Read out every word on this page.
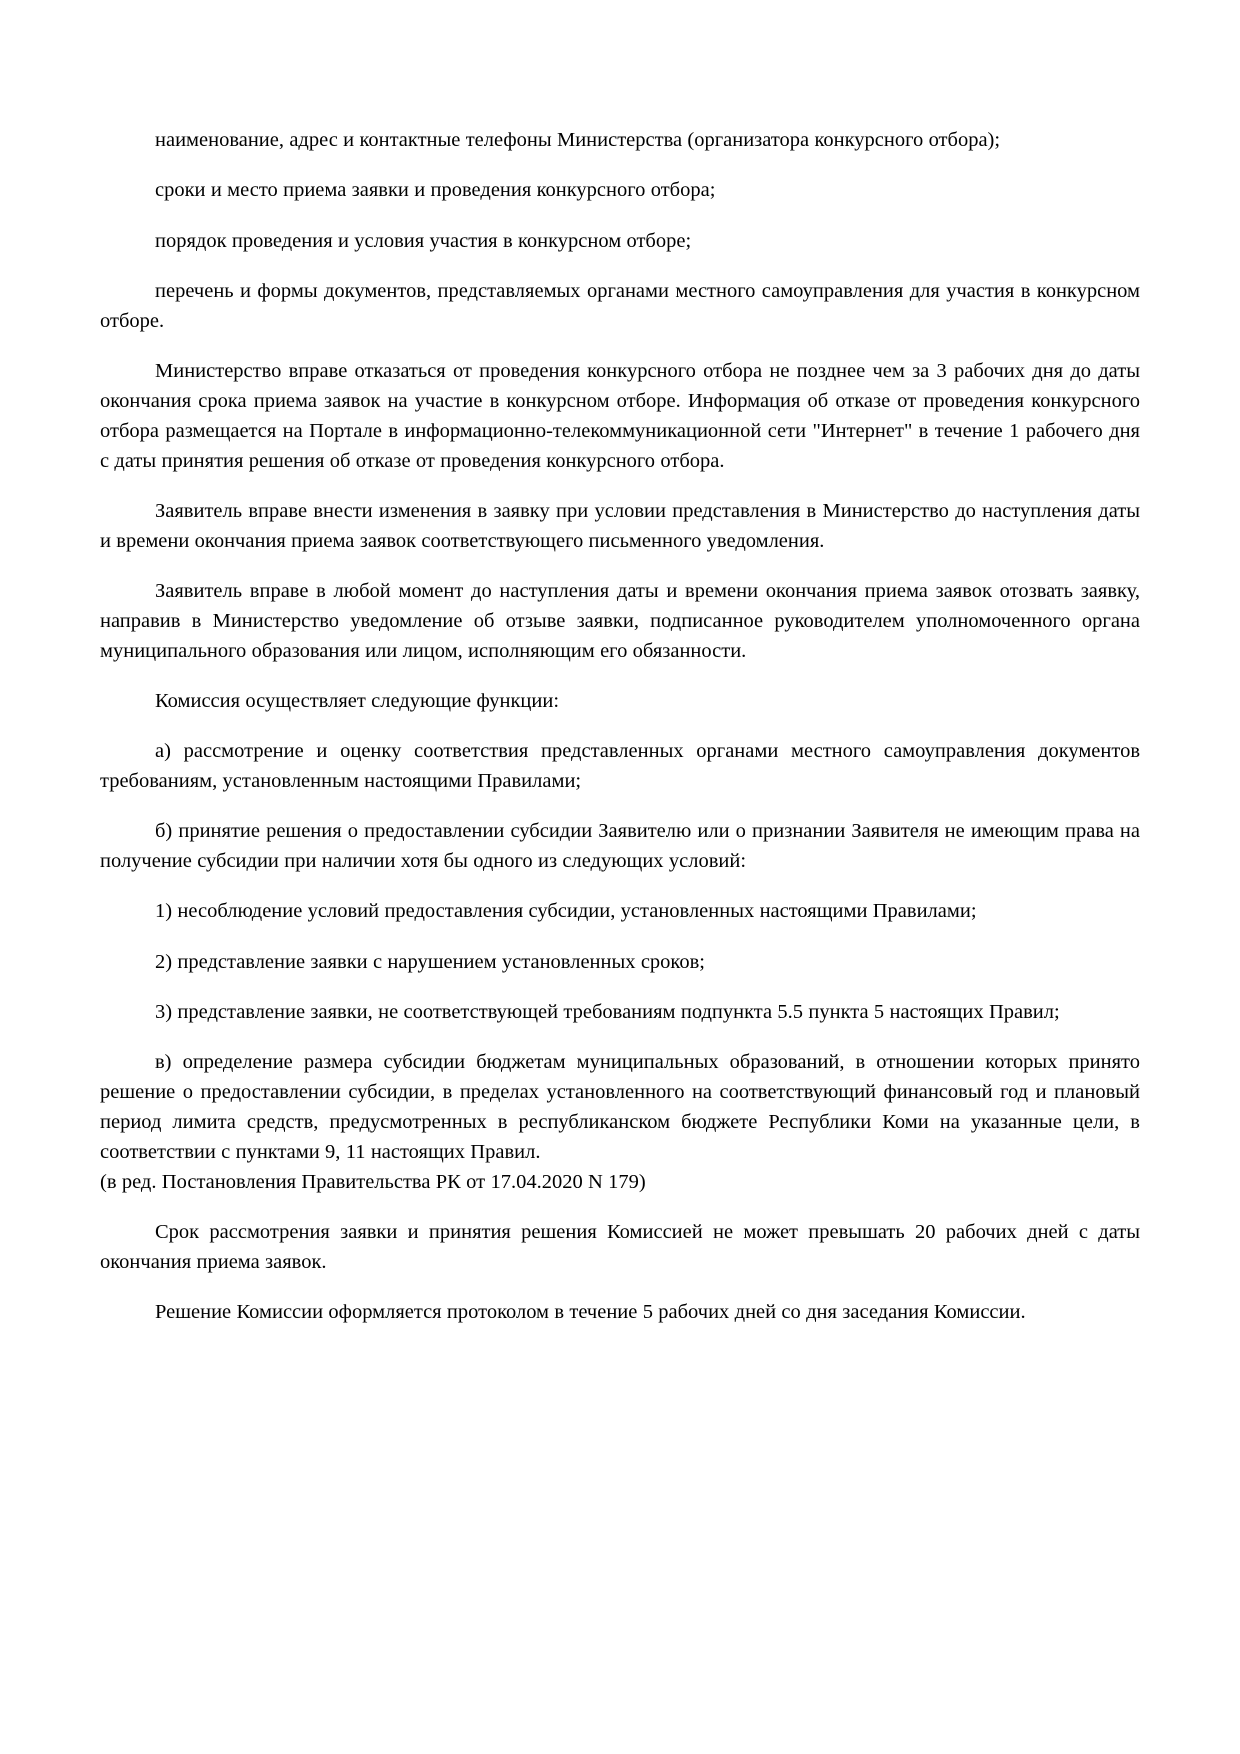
наименование, адрес и контактные телефоны Министерства (организатора конкурсного отбора);

сроки и место приема заявки и проведения конкурсного отбора;

порядок проведения и условия участия в конкурсном отборе;

перечень и формы документов, представляемых органами местного самоуправления для участия в конкурсном отборе.

Министерство вправе отказаться от проведения конкурсного отбора не позднее чем за 3 рабочих дня до даты окончания срока приема заявок на участие в конкурсном отборе. Информация об отказе от проведения конкурсного отбора размещается на Портале в информационно-телекоммуникационной сети "Интернет" в течение 1 рабочего дня с даты принятия решения об отказе от проведения конкурсного отбора.

Заявитель вправе внести изменения в заявку при условии представления в Министерство до наступления даты и времени окончания приема заявок соответствующего письменного уведомления.

Заявитель вправе в любой момент до наступления даты и времени окончания приема заявок отозвать заявку, направив в Министерство уведомление об отзыве заявки, подписанное руководителем уполномоченного органа муниципального образования или лицом, исполняющим его обязанности.

Комиссия осуществляет следующие функции:

а) рассмотрение и оценку соответствия представленных органами местного самоуправления документов требованиям, установленным настоящими Правилами;

б) принятие решения о предоставлении субсидии Заявителю или о признании Заявителя не имеющим права на получение субсидии при наличии хотя бы одного из следующих условий:

1) несоблюдение условий предоставления субсидии, установленных настоящими Правилами;

2) представление заявки с нарушением установленных сроков;

3) представление заявки, не соответствующей требованиям подпункта 5.5 пункта 5 настоящих Правил;

в) определение размера субсидии бюджетам муниципальных образований, в отношении которых принято решение о предоставлении субсидии, в пределах установленного на соответствующий финансовый год и плановый период лимита средств, предусмотренных в республиканском бюджете Республики Коми на указанные цели, в соответствии с пунктами 9, 11 настоящих Правил.

(в ред. Постановления Правительства РК от 17.04.2020 N 179)

Срок рассмотрения заявки и принятия решения Комиссией не может превышать 20 рабочих дней с даты окончания приема заявок.

Решение Комиссии оформляется протоколом в течение 5 рабочих дней со дня заседания Комиссии.
